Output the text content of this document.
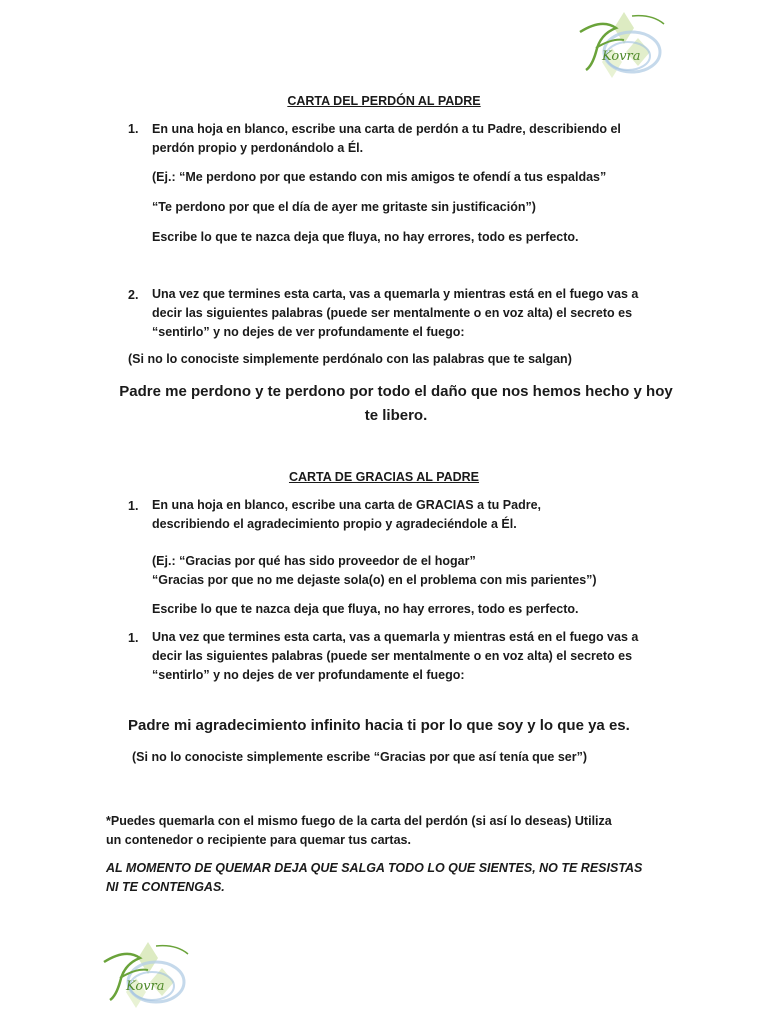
Kovra
CARTA DEL PERDÓN AL PADRE
1. En una hoja en blanco, escribe una carta de perdón a tu Padre, describiendo el perdón propio y perdonándolo a Él.

(Ej.: “Me perdono por que estando con mis amigos te ofendí a tus espaldas”

“Te perdono por que el día de ayer me gritaste sin justificación”)

Escribe lo que te nazca deja que fluya, no hay errores, todo es perfecto.

2. Una vez que termines esta carta, vas a quemarla y mientras está en el fuego vas a decir las siguientes palabras (puede ser mentalmente o en voz alta) el secreto es “sentirlo” y no dejes de ver profundamente el fuego:

(Si no lo conociste simplemente perdónalo con las palabras que te salgan)

Padre me perdono y te perdono por todo el daño que nos hemos hecho y hoy te libero.

CARTA DE GRACIAS AL PADRE
1. En una hoja en blanco, escribe una carta de GRACIAS a tu Padre, describiendo el agradecimiento propio y agradeciéndole a Él.

(Ej.: “Gracias por qué has sido proveedor de el hogar”

“Gracias por que no me dejaste sola(o) en el problema con mis parientes”)

Escribe lo que te nazca deja que fluya, no hay errores, todo es perfecto.

1. Una vez que termines esta carta, vas a quemarla y mientras está en el fuego vas a decir las siguientes palabras (puede ser mentalmente o en voz alta) el secreto es “sentirlo” y no dejes de ver profundamente el fuego:

Padre mi agradecimiento infinito hacia ti por lo que soy y lo que ya es.

(Si no lo conociste simplemente escribe “Gracias por que así tenía que ser”)

*Puedes quemarla con el mismo fuego de la carta del perdón (si así lo deseas) Utiliza un contenedor o recipiente para quemar tus cartas.

AL MOMENTO DE QUEMAR DEJA QUE SALGA TODO LO QUE SIENTES, NO TE RESISTAS NI TE CONTENGAS.

Kovra
